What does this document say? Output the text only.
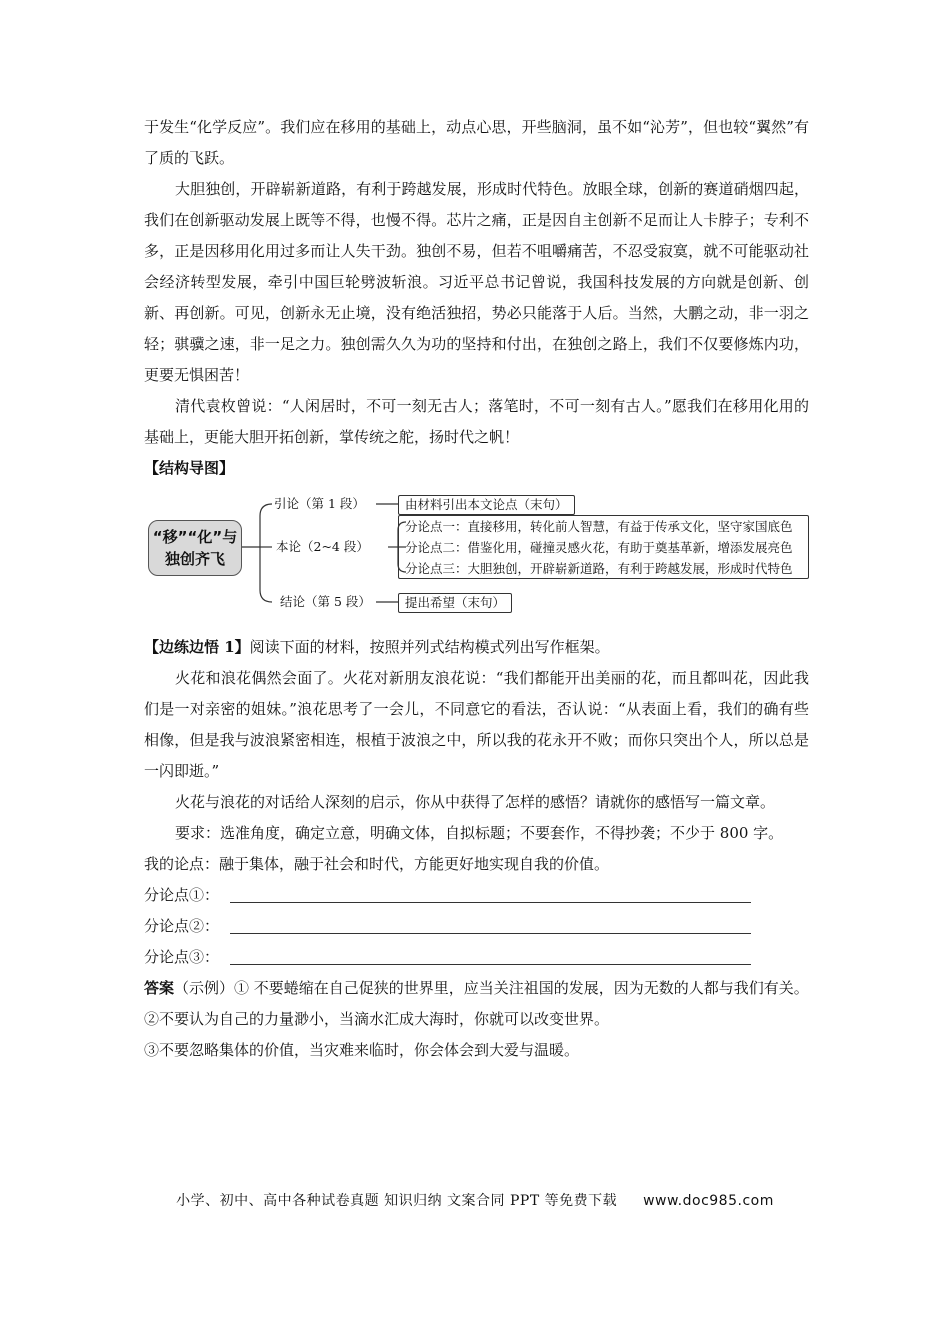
于发生“化学反应”。我们应在移用的基础上，动点心思，开些脑洞，虽不如“沁芳”，但也较“翼然”有了质的飞跃。

大胆独创，开辟崭新道路，有利于跨越发展，形成时代特色。放眼全球，创新的赛道硝烟四起，我们在创新驱动发展上既等不得，也慢不得。芯片之痛，正是因自主创新不足而让人卡脖子；专利不多，正是因移用化用过多而让人失干劲。独创不易，但若不咀嚼痛苦，不忍受寂寞，就不可能驱动社会经济转型发展，牵引中国巨轮劈波斩浪。习近平总书记曾说，我国科技发展的方向就是创新、创新、再创新。可见，创新永无止境，没有绝活独招，势必只能落于人后。当然，大鹏之动，非一羽之轻；骐骥之速，非一足之力。独创需久久为功的坚持和付出，在独创之路上，我们不仅要修炼内功，更要无惧困苦！

清代袁枚曾说：“人闲居时，不可一刻无古人；落笔时，不可一刻有古人。”愿我们在移用化用的基础上，更能大胆开拓创新，掌传统之舵，扬时代之帆！

【结构导图】

“移”“化”与
独创齐飞
引论（第 1 段）	由材料引出本文论点（末句）
本论（2~4 段）
分论点一：直接移用，转化前人智慧，有益于传承文化，坚守家国底色
分论点二：借鉴化用，碰撞灵感火花，有助于奠基革新，增添发展亮色
分论点三：大胆独创，开辟崭新道路，有利于跨越发展，形成时代特色
结论（第 5 段）	提出希望（末句）

【边练边悟 1】阅读下面的材料，按照并列式结构模式列出写作框架。

火花和浪花偶然会面了。火花对新朋友浪花说：“我们都能开出美丽的花，而且都叫花，因此我们是一对亲密的姐妹。”浪花思考了一会儿，不同意它的看法，否认说：“从表面上看，我们的确有些相像，但是我与波浪紧密相连，根植于波浪之中，所以我的花永开不败；而你只突出个人，所以总是一闪即逝。”

火花与浪花的对话给人深刻的启示，你从中获得了怎样的感悟？请就你的感悟写一篇文章。

要求：选准角度，确定立意，明确文体，自拟标题；不要套作，不得抄袭；不少于 800 字。

我的论点：融于集体，融于社会和时代，方能更好地实现自我的价值。

分论点①：
分论点②：
分论点③：

答案（示例）① 不要蜷缩在自己促狭的世界里，应当关注祖国的发展，因为无数的人都与我们有关。

②不要认为自己的力量渺小，当滴水汇成大海时，你就可以改变世界。

③不要忽略集体的价值，当灾难来临时，你会体会到大爱与温暖。

小学、初中、高中各种试卷真题 知识归纳 文案合同 PPT 等免费下载 www.doc985.com
